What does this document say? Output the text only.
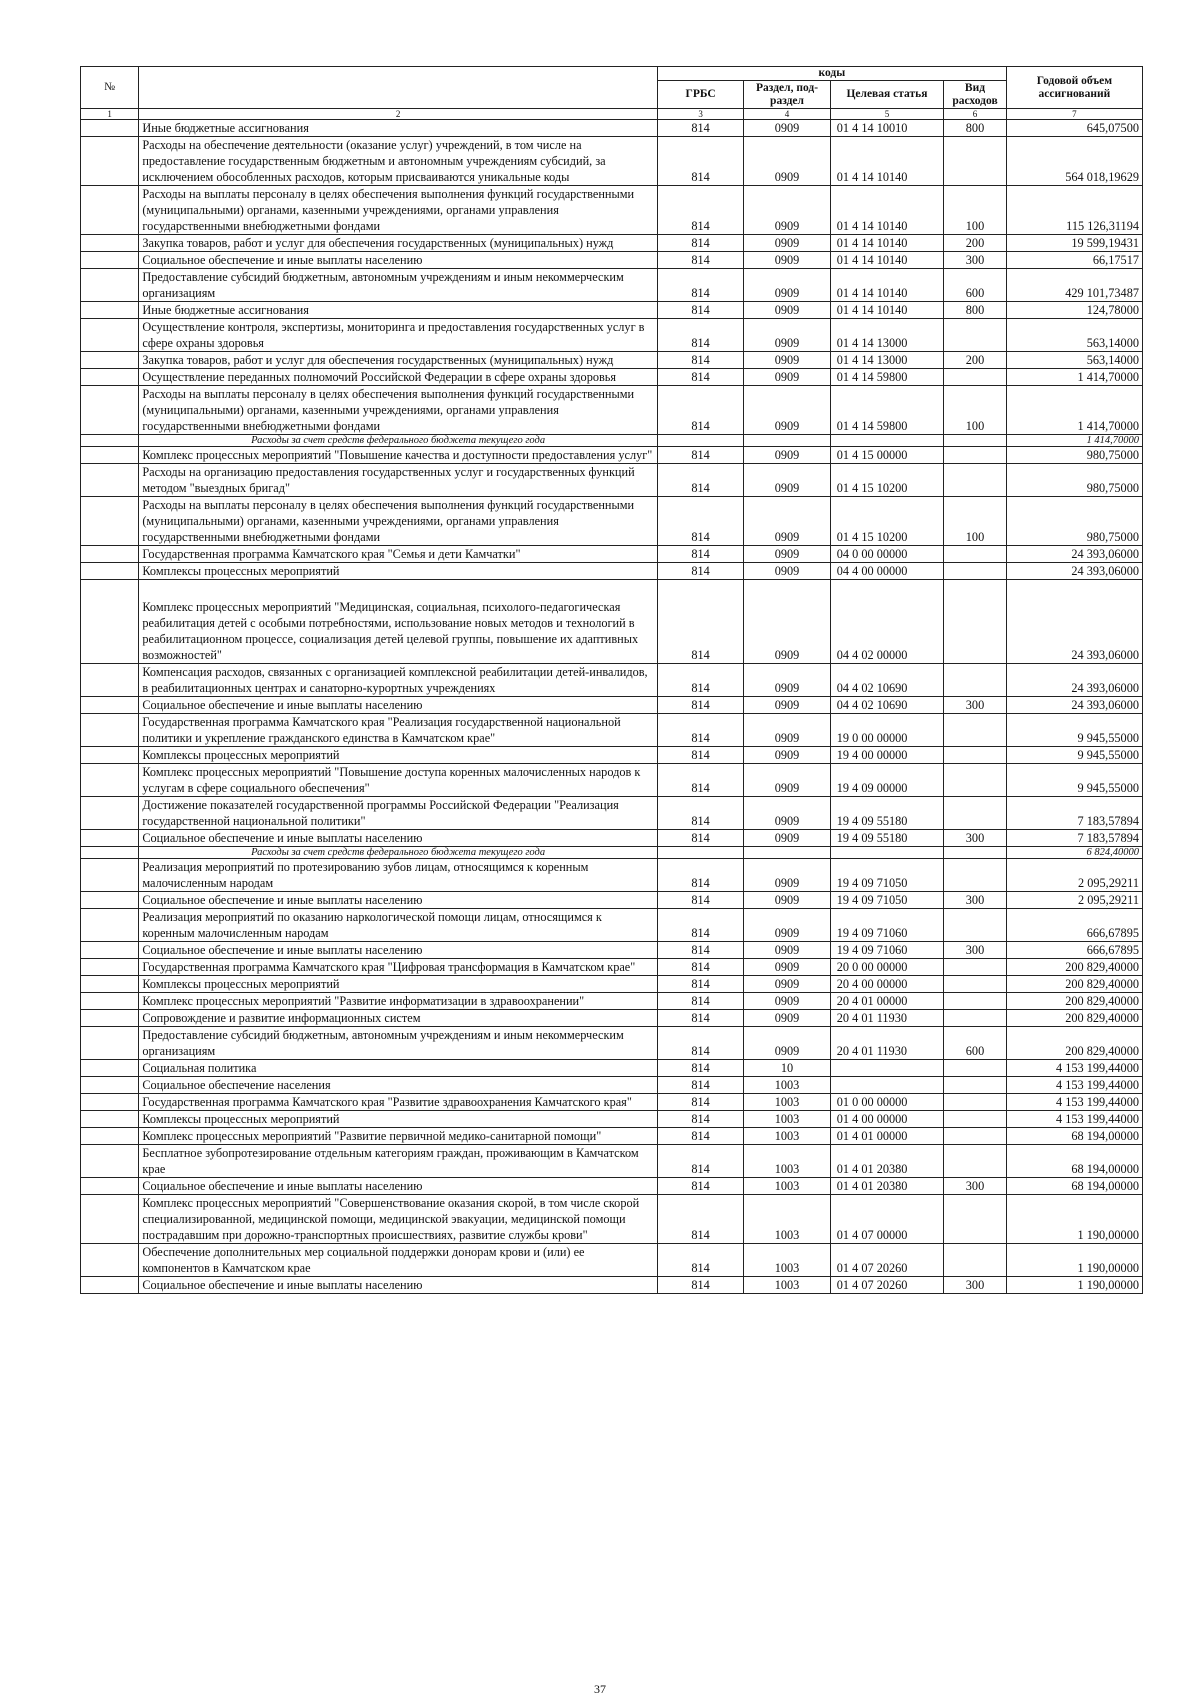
№		коды				Годовой объем ассигнований
		ГРБС	Раздел, под-раздел	Целевая статья	Вид расходов	
1	2	3	4	5	6	7
	Иные бюджетные ассигнования	814	0909	01 4 14 10010	800	645,07500
	Расходы на обеспечение деятельности (оказание услуг) учреждений, в том числе на предоставление государственным бюджетным и автономным учреждениям субсидий, за исключением обособленных расходов, которым присваиваются уникальные коды	814	0909	01 4 14 10140		564 018,19629
	Расходы на выплаты персоналу в целях обеспечения выполнения функций государственными (муниципальными) органами, казенными учреждениями, органами управления государственными внебюджетными фондами	814	0909	01 4 14 10140	100	115 126,31194
	Закупка товаров, работ и услуг для обеспечения государственных (муниципальных) нужд	814	0909	01 4 14 10140	200	19 599,19431
	Социальное обеспечение и иные выплаты населению	814	0909	01 4 14 10140	300	66,17517
	Предоставление субсидий бюджетным, автономным учреждениям и иным некоммерческим организациям	814	0909	01 4 14 10140	600	429 101,73487
	Иные бюджетные ассигнования	814	0909	01 4 14 10140	800	124,78000
	Осуществление контроля, экспертизы, мониторинга и предоставления государственных услуг в сфере охраны здоровья	814	0909	01 4 14 13000		563,14000
	Закупка товаров, работ и услуг для обеспечения государственных (муниципальных) нужд	814	0909	01 4 14 13000	200	563,14000
	Осуществление переданных полномочий Российской Федерации в сфере охраны здоровья	814	0909	01 4 14 59800		1 414,70000
	Расходы на выплаты персоналу в целях обеспечения выполнения функций государственными (муниципальными) органами, казенными учреждениями, органами управления государственными внебюджетными фондами	814	0909	01 4 14 59800	100	1 414,70000
	Расходы за счет средств федерального бюджета текущего года					1 414,70000
	Комплекс процессных мероприятий "Повышение качества и доступности предоставления услуг"	814	0909	01 4 15 00000		980,75000
	Расходы на организацию предоставления государственных услуг и государственных функций методом "выездных бригад"	814	0909	01 4 15 10200		980,75000
	Расходы на выплаты персоналу в целях обеспечения выполнения функций государственными (муниципальными) органами, казенными учреждениями, органами управления государственными внебюджетными фондами	814	0909	01 4 15 10200	100	980,75000
	Государственная программа Камчатского края "Семья и дети Камчатки"	814	0909	04 0 00 00000		24 393,06000
	Комплексы процессных мероприятий	814	0909	04 4 00 00000		24 393,06000
	Комплекс процессных мероприятий "Медицинская, социальная, психолого-педагогическая реабилитация детей с особыми потребностями, использование новых методов и технологий в реабилитационном процессе, социализация детей целевой группы, повышение их адаптивных возможностей"	814	0909	04 4 02 00000		24 393,06000
	Компенсация расходов, связанных с организацией комплексной реабилитации детей-инвалидов, в реабилитационных центрах и санаторно-курортных учреждениях	814	0909	04 4 02 10690		24 393,06000
	Социальное обеспечение и иные выплаты населению	814	0909	04 4 02 10690	300	24 393,06000
	Государственная программа Камчатского края "Реализация государственной национальной политики и укрепление гражданского единства в Камчатском крае"	814	0909	19 0 00 00000		9 945,55000
	Комплексы процессных мероприятий	814	0909	19 4 00 00000		9 945,55000
	Комплекс процессных мероприятий "Повышение доступа коренных малочисленных народов к услугам в сфере социального обеспечения"	814	0909	19 4 09 00000		9 945,55000
	Достижение показателей государственной программы Российской Федерации "Реализация государственной национальной политики"	814	0909	19 4 09 55180		7 183,57894
	Социальное обеспечение и иные выплаты населению	814	0909	19 4 09 55180	300	7 183,57894
	Расходы за счет средств федерального бюджета текущего года					6 824,40000
	Реализация мероприятий по протезированию зубов лицам, относящимся к коренным малочисленным народам	814	0909	19 4 09 71050		2 095,29211
	Социальное обеспечение и иные выплаты населению	814	0909	19 4 09 71050	300	2 095,29211
	Реализация мероприятий по оказанию наркологической помощи лицам, относящимся к коренным малочисленным народам	814	0909	19 4 09 71060		666,67895
	Социальное обеспечение и иные выплаты населению	814	0909	19 4 09 71060	300	666,67895
	Государственная программа Камчатского края "Цифровая трансформация в Камчатском крае"	814	0909	20 0 00 00000		200 829,40000
	Комплексы процессных мероприятий	814	0909	20 4 00 00000		200 829,40000
	Комплекс процессных мероприятий "Развитие информатизации в здравоохранении"	814	0909	20 4 01 00000		200 829,40000
	Сопровождение и развитие информационных систем	814	0909	20 4 01 11930		200 829,40000
	Предоставление субсидий бюджетным, автономным учреждениям и иным некоммерческим организациям	814	0909	20 4 01 11930	600	200 829,40000
	Социальная политика	814	10			4 153 199,44000
	Социальное обеспечение населения	814	1003			4 153 199,44000
	Государственная программа Камчатского края "Развитие здравоохранения Камчатского края"	814	1003	01 0 00 00000		4 153 199,44000
	Комплексы процессных мероприятий	814	1003	01 4 00 00000		4 153 199,44000
	Комплекс процессных мероприятий "Развитие первичной медико-санитарной помощи"	814	1003	01 4 01 00000		68 194,00000
	Бесплатное зубопротезирование отдельным категориям граждан, проживающим в Камчатском крае	814	1003	01 4 01 20380		68 194,00000
	Социальное обеспечение и иные выплаты населению	814	1003	01 4 01 20380	300	68 194,00000
	Комплекс процессных мероприятий "Совершенствование оказания скорой, в том числе скорой специализированной, медицинской помощи, медицинской эвакуации, медицинской помощи пострадавшим при дорожно-транспортных происшествиях, развитие службы крови"	814	1003	01 4 07 00000		1 190,00000
	Обеспечение дополнительных мер социальной поддержки донорам крови и (или) ее компонентов в Камчатском крае	814	1003	01 4 07 20260		1 190,00000
	Социальное обеспечение и иные выплаты населению	814	1003	01 4 07 20260	300	1 190,00000
37
